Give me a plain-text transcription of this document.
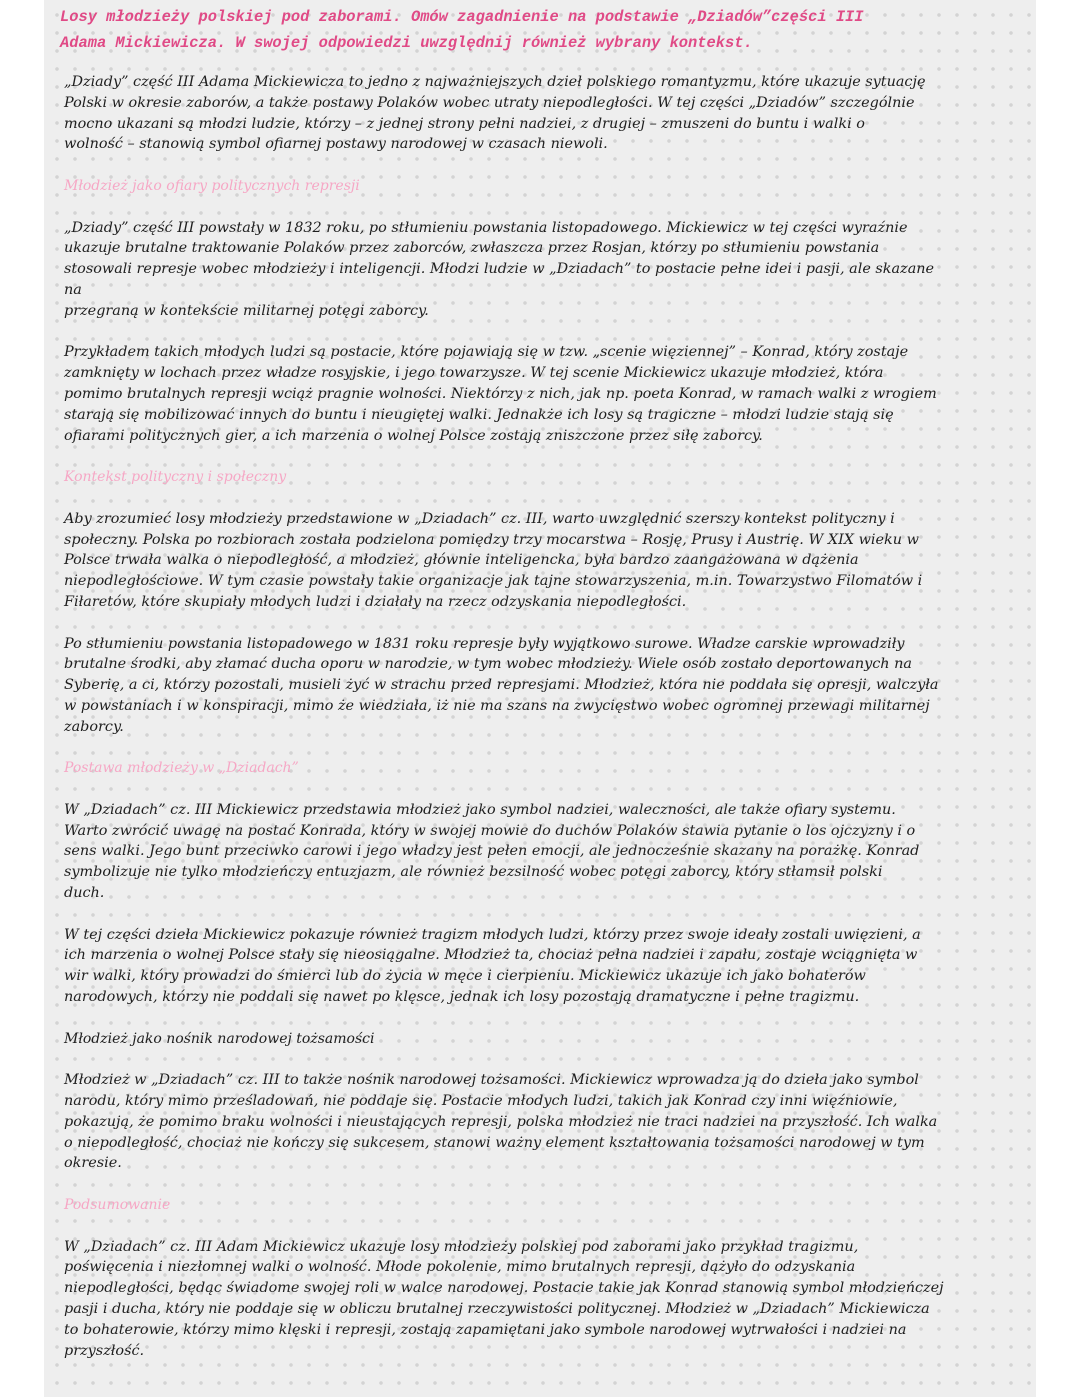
Losy młodzieży polskiej pod zaborami. Omów zagadnienie na podstawie „Dziadów”części III
Adama Mickiewicza. W swojej odpowiedzi uwzględnij również wybrany kontekst.
„Dziady” część III Adama Mickiewicza to jedno z najważniejszych dzieł polskiego romantyzmu, które ukazuje sytuację
Polski w okresie zaborów, a także postawy Polaków wobec utraty niepodległości. W tej części „Dziadów” szczególnie
mocno ukazani są młodzi ludzie, którzy – z jednej strony pełni nadziei, z drugiej – zmuszeni do buntu i walki o
wolność – stanowią symbol ofiarnej postawy narodowej w czasach niewoli.
Młodzież jako ofiary politycznych represji
„Dziady” część III powstały w 1832 roku, po stłumieniu powstania listopadowego. Mickiewicz w tej części wyraźnie
ukazuje brutalne traktowanie Polaków przez zaborców, zwłaszcza przez Rosjan, którzy po stłumieniu powstania
stosowali represje wobec młodzieży i inteligencji. Młodzi ludzie w „Dziadach” to postacie pełne idei i pasji, ale skazane na
przegraną w kontekście militarnej potęgi zaborcy.
Przykładem takich młodych ludzi są postacie, które pojawiają się w tzw. „scenie więziennej” – Konrad, który zostaje
zamknięty w lochach przez władze rosyjskie, i jego towarzysze. W tej scenie Mickiewicz ukazuje młodzież, która
pomimo brutalnych represji wciąż pragnie wolności. Niektórzy z nich, jak np. poeta Konrad, w ramach walki z wrogiem
starają się mobilizować innych do buntu i nieugiętej walki. Jednakże ich losy są tragiczne – młodzi ludzie stają się
ofiarami politycznych gier, a ich marzenia o wolnej Polsce zostają zniszczone przez siłę zaborcy.
Kontekst polityczny i społeczny
Aby zrozumieć losy młodzieży przedstawione w „Dziadach” cz. III, warto uwzględnić szerszy kontekst polityczny i
społeczny. Polska po rozbiorach została podzielona pomiędzy trzy mocarstwa – Rosję, Prusy i Austrię. W XIX wieku w
Polsce trwała walka o niepodległość, a młodzież, głównie inteligencka, była bardzo zaangażowana w dążenia
niepodległościowe. W tym czasie powstały takie organizacje jak tajne stowarzyszenia, m.in. Towarzystwo Filomatów i
Fiłaretów, które skupiały młodych ludzi i działały na rzecz odzyskania niepodległości.
Po stłumieniu powstania listopadowego w 1831 roku represje były wyjątkowo surowe. Władze carskie wprowadziły
brutalne środki, aby złamać ducha oporu w narodzie, w tym wobec młodzieży. Wiele osób zostało deportowanych na
Syberię, a ci, którzy pozostali, musieli żyć w strachu przed represjami. Młodzież, która nie poddała się opresji, walczyła
w powstaniach i w konspiracji, mimo że wiedziała, iż nie ma szans na zwycięstwo wobec ogromnej przewagi militarnej
zaborcy.
Postawa młodzieży w „Dziadach”
W „Dziadach” cz. III Mickiewicz przedstawia młodzież jako symbol nadziei, waleczności, ale także ofiary systemu.
Warto zwrócić uwagę na postać Konrada, który w swojej mowie do duchów Polaków stawia pytanie o los ojczyzny i o
sens walki. Jego bunt przeciwko carowi i jego władzy jest pełen emocji, ale jednocześnie skazany na porażkę. Konrad
symbolizuje nie tylko młodzieńczy entuzjazm, ale również bezsilność wobec potęgi zaborcy, który stłamsił polski
duch.
W tej części dzieła Mickiewicz pokazuje również tragizm młodych ludzi, którzy przez swoje ideały zostali uwięzieni, a
ich marzenia o wolnej Polsce stały się nieosiągalne. Młodzież ta, chociaż pełna nadziei i zapału, zostaje wciągnięta w
wir walki, który prowadzi do śmierci lub do życia w męce i cierpieniu. Mickiewicz ukazuje ich jako bohaterów
narodowych, którzy nie poddali się nawet po klęsce, jednak ich losy pozostają dramatyczne i pełne tragizmu.
Młodzież jako nośnik narodowej tożsamości
Młodzież w „Dziadach” cz. III to także nośnik narodowej tożsamości. Mickiewicz wprowadza ją do dzieła jako symbol
narodu, który mimo prześladowań, nie poddaje się. Postacie młodych ludzi, takich jak Konrad czy inni więźniowie,
pokazują, że pomimo braku wolności i nieustających represji, polska młodzież nie traci nadziei na przyszłość. Ich walka
o niepodległość, chociaż nie kończy się sukcesem, stanowi ważny element kształtowania tożsamości narodowej w tym
okresie.
Podsumowanie
W „Dziadach” cz. III Adam Mickiewicz ukazuje losy młodzieży polskiej pod zaborami jako przykład tragizmu,
poświęcenia i niezłomnej walki o wolność. Młode pokolenie, mimo brutalnych represji, dążyło do odzyskania
niepodległości, będąc świadome swojej roli w walce narodowej. Postacie takie jak Konrad stanowią symbol młodzieńczej
pasji i ducha, który nie poddaje się w obliczu brutalnej rzeczywistości politycznej. Młodzież w „Dziadach” Mickiewicza
to bohaterowie, którzy mimo klęski i represji, zostają zapamiętani jako symbole narodowej wytrwałości i nadziei na
przyszłość.
